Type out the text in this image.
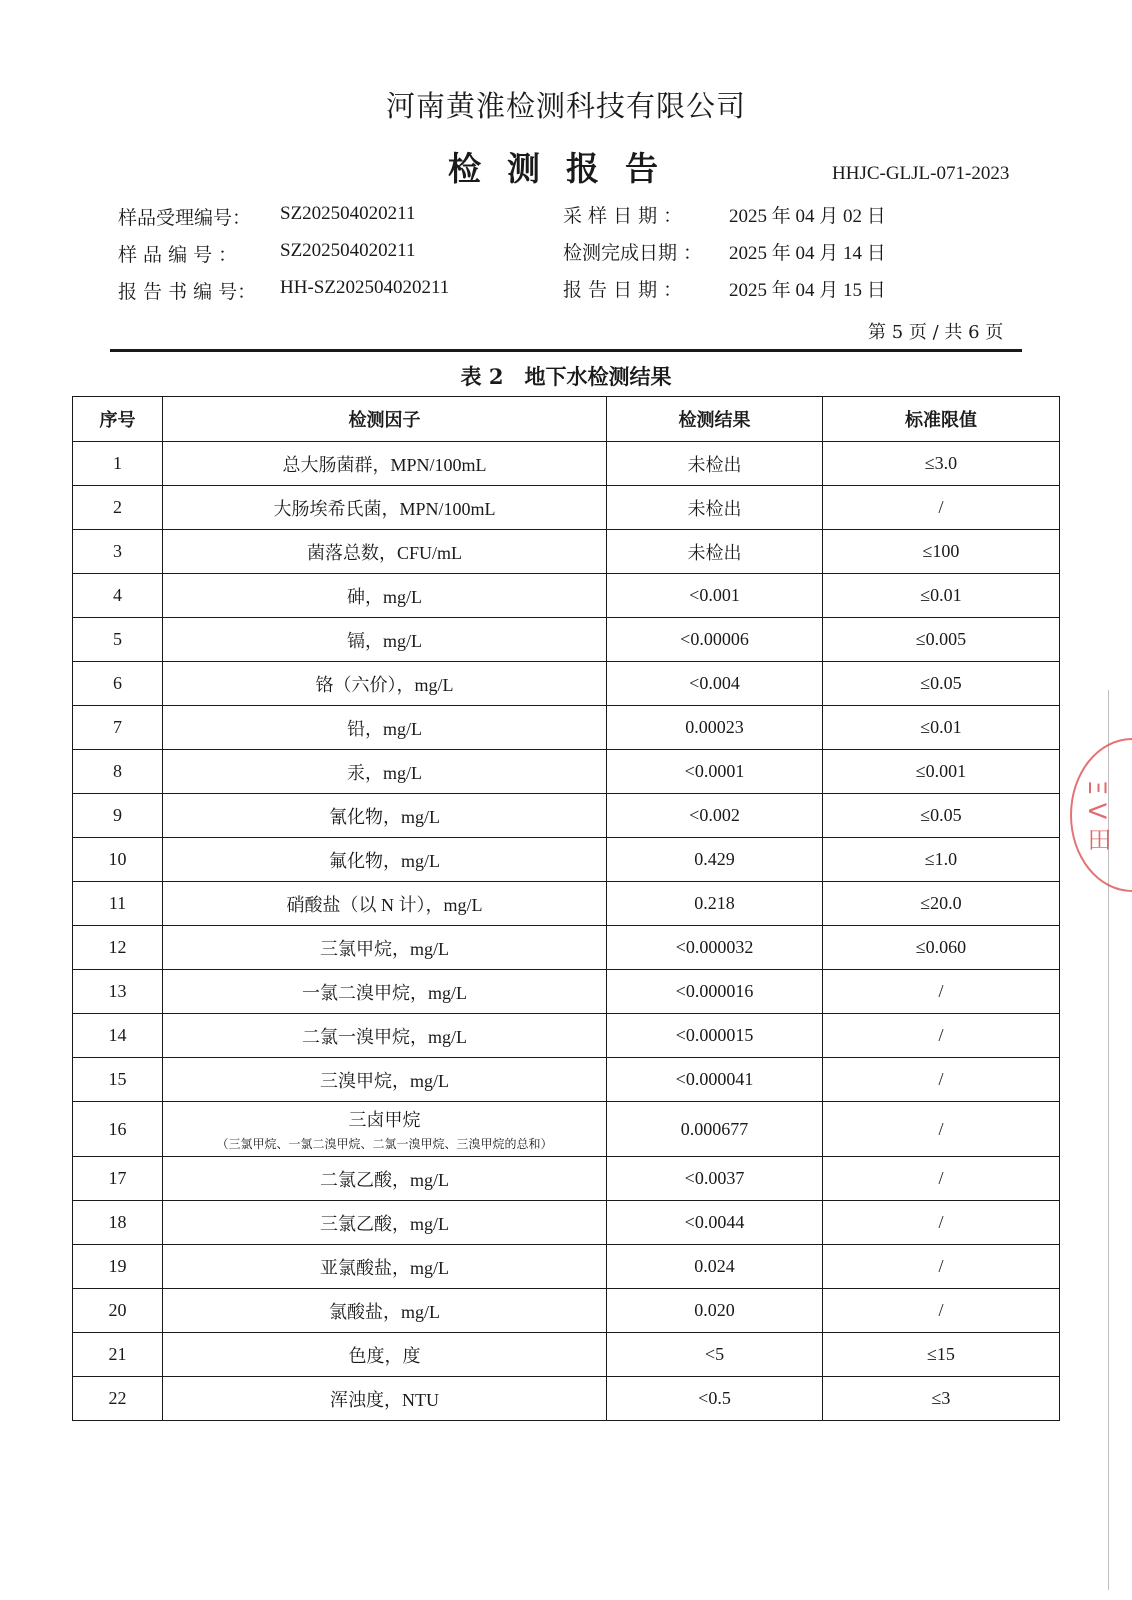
河南黄淮检测科技有限公司
检测报告	HHJC-GLJL-071-2023
样品受理编号： SZ202504020211
样 品 编 号 ： SZ202504020211
报 告 书 编 号： HH-SZ202504020211
采 样 日 期 ： 2025 年 04 月 02 日
检测完成日期 ： 2025 年 04 月 14 日
报 告 日 期 ： 2025 年 04 月 15 日
第 5 页 / 共 6 页
表 2　地下水检测结果
序号	检测因子	检测结果	标准限值
1	总大肠菌群，MPN/100mL	未检出	≤3.0
2	大肠埃希氏菌，MPN/100mL	未检出	/
3	菌落总数，CFU/mL	未检出	≤100
4	砷，mg/L	<0.001	≤0.01
5	镉，mg/L	<0.00006	≤0.005
6	铬（六价），mg/L	<0.004	≤0.05
7	铅，mg/L	0.00023	≤0.01
8	汞，mg/L	<0.0001	≤0.001
9	氰化物，mg/L	<0.002	≤0.05
10	氟化物，mg/L	0.429	≤1.0
11	硝酸盐（以 N 计），mg/L	0.218	≤20.0
12	三氯甲烷，mg/L	<0.000032	≤0.060
13	一氯二溴甲烷，mg/L	<0.000016	/
14	二氯一溴甲烷，mg/L	<0.000015	/
15	三溴甲烷，mg/L	<0.000041	/
16	三卤甲烷
（三氯甲烷、一氯二溴甲烷、二氯一溴甲烷、三溴甲烷的总和）	0.000677	/
17	二氯乙酸，mg/L	<0.0037	/
18	三氯乙酸，mg/L	<0.0044	/
19	亚氯酸盐，mg/L	0.024	/
20	氯酸盐，mg/L	0.020	/
21	色度，度	<5	≤15
22	浑浊度，NTU	<0.5	≤3
Ξ V 田
